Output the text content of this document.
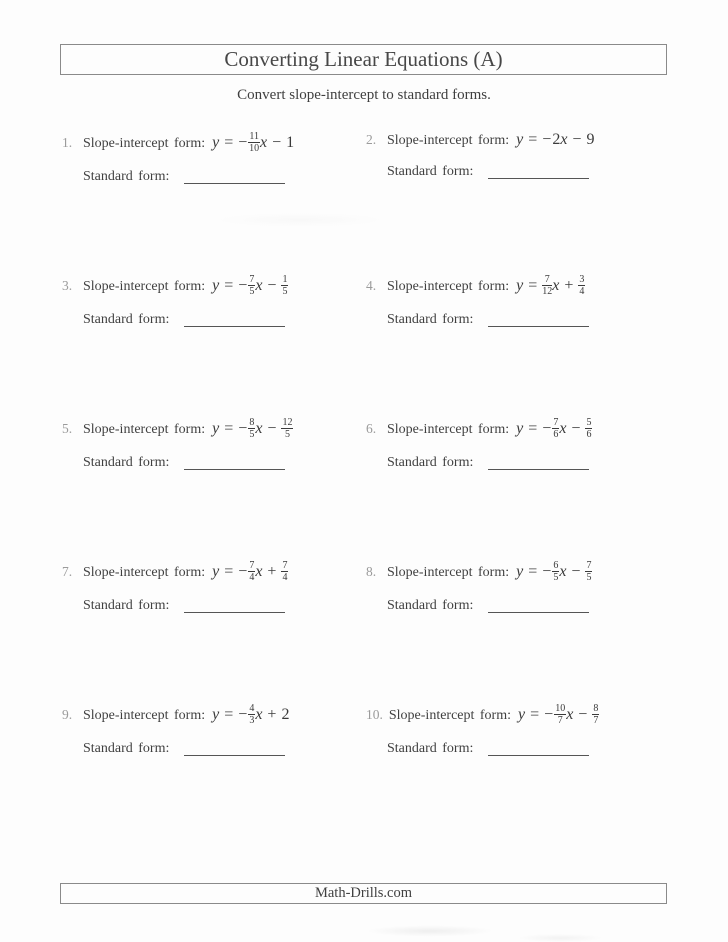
Converting Linear Equations (A)
Convert slope-intercept to standard forms.
1. Slope-intercept form: y = − $\frac{11}{10}$ x − 1
Standard form:
2. Slope-intercept form: y = −2x − 9
Standard form:
3. Slope-intercept form: y = − $\frac{7}{5}$ $x - \frac{1}{5}$
Standard form:
4. Slope-intercept form: $y = \frac{7}{12}$ $x + \frac{3}{4}$
Standard form:
5. Slope-intercept form: y = − $\frac{8}{5}$ $x - \frac{12}{5}$
Standard form:
6. Slope-intercept form: y = − $\frac{7}{6}$ $x - \frac{5}{6}$
Standard form:
7. Slope-intercept form: y = − $\frac{7}{4}$ $x + \frac{7}{4}$
Standard form:
8. Slope-intercept form: y = − $\frac{6}{5}$ $x - \frac{7}{5}$
Standard form:
9. Slope-intercept form: y = − $\frac{4}{3}$ x + 2
Standard form:
10. Slope-intercept form: y = − $\frac{10}{7}$ $x - \frac{8}{7}$
Standard form:
Math-Drills.com
